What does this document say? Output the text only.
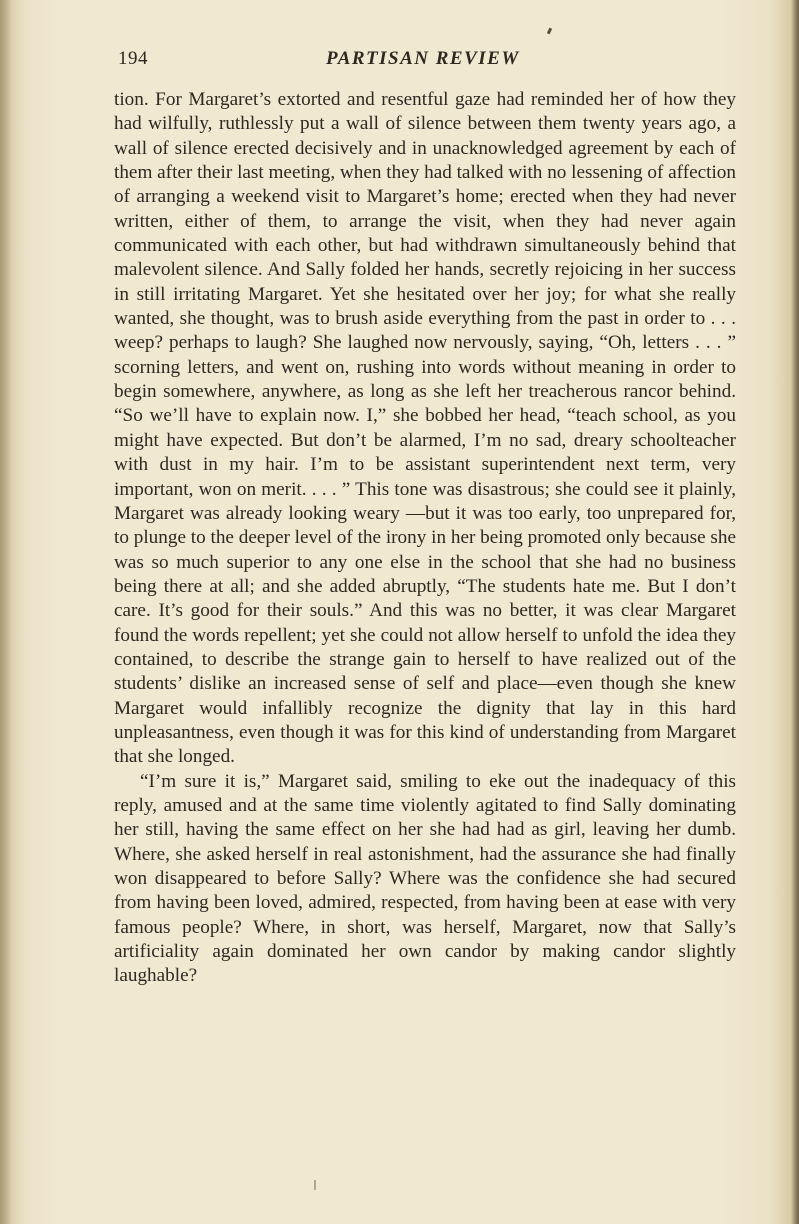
194	PARTISAN REVIEW

tion. For Margaret’s extorted and resentful gaze had reminded her of how they had wilfully, ruthlessly put a wall of silence between them twenty years ago, a wall of silence erected decisively and in unacknowledged agreement by each of them after their last meeting, when they had talked with no lessening of affection of arranging a weekend visit to Margaret’s home; erected when they had never written, either of them, to arrange the visit, when they had never again communicated with each other, but had withdrawn simultaneously behind that malevolent silence. And Sally folded her hands, secretly rejoicing in her success in still irritating Margaret. Yet she hesitated over her joy; for what she really wanted, she thought, was to brush aside everything from the past in order to . . . weep? perhaps to laugh? She laughed now nervously, saying, “Oh, letters . . . ” scorning letters, and went on, rushing into words without meaning in order to begin somewhere, anywhere, as long as she left her treacherous rancor behind. “So we’ll have to explain now. I,” she bobbed her head, “teach school, as you might have expected. But don’t be alarmed, I’m no sad, dreary schoolteacher with dust in my hair. I’m to be assistant superintendent next term, very important, won on merit. . . . ” This tone was disastrous; she could see it plainly, Margaret was already looking weary —but it was too early, too unprepared for, to plunge to the deeper level of the irony in her being promoted only because she was so much superior to any one else in the school that she had no business being there at all; and she added abruptly, “The students hate me. But I don’t care. It’s good for their souls.” And this was no better, it was clear Margaret found the words repellent; yet she could not allow herself to unfold the idea they contained, to describe the strange gain to herself to have realized out of the students’ dislike an increased sense of self and place—even though she knew Margaret would infallibly recognize the dignity that lay in this hard unpleasantness, even though it was for this kind of understanding from Margaret that she longed.

“I’m sure it is,” Margaret said, smiling to eke out the inadequacy of this reply, amused and at the same time violently agitated to find Sally dominating her still, having the same effect on her she had had as girl, leaving her dumb. Where, she asked herself in real astonishment, had the assurance she had finally won disappeared to before Sally? Where was the confidence she had secured from having been loved, admired, respected, from having been at ease with very famous people? Where, in short, was herself, Margaret, now that Sally’s artificiality again dominated her own candor by making candor slightly laughable?
